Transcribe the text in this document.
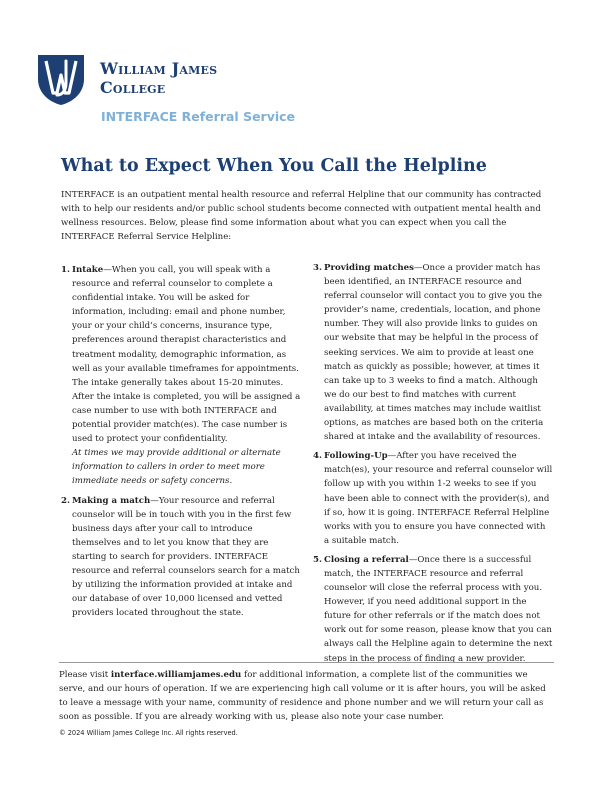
William James
College
INTERFACE Referral Service
What to Expect When You Call the Helpline

INTERFACE is an outpatient mental health resource and referral Helpline that our community has contracted with to help our residents and/or public school students become connected with outpatient mental health and wellness resources. Below, please find some information about what you can expect when you call the INTERFACE Referral Service Helpline:

1. Intake—When you call, you will speak with a resource and referral counselor to complete a confidential intake. You will be asked for information, including: email and phone number, your or your child’s concerns, insurance type, preferences around therapist characteristics and treatment modality, demographic information, as well as your available timeframes for appointments. The intake generally takes about 15-20 minutes. After the intake is completed, you will be assigned a case number to use with both INTERFACE and potential provider match(es). The case number is used to protect your confidentiality.
At times we may provide additional or alternate information to callers in order to meet more immediate needs or safety concerns.
2. Making a match—Your resource and referral counselor will be in touch with you in the first few business days after your call to introduce themselves and to let you know that they are starting to search for providers. INTERFACE resource and referral counselors search for a match by utilizing the information provided at intake and our database of over 10,000 licensed and vetted providers located throughout the state.
3. Providing matches—Once a provider match has been identified, an INTERFACE resource and referral counselor will contact you to give you the provider’s name, credentials, location, and phone number. They will also provide links to guides on our website that may be helpful in the process of seeking services. We aim to provide at least one match as quickly as possible; however, at times it can take up to 3 weeks to find a match. Although we do our best to find matches with current availability, at times matches may include waitlist options, as matches are based both on the criteria shared at intake and the availability of resources.
4. Following-Up—After you have received the match(es), your resource and referral counselor will follow up with you within 1-2 weeks to see if you have been able to connect with the provider(s), and if so, how it is going. INTERFACE Referral Helpline works with you to ensure you have connected with a suitable match.
5. Closing a referral—Once there is a successful match, the INTERFACE resource and referral counselor will close the referral process with you. However, if you need additional support in the future for other referrals or if the match does not work out for some reason, please know that you can always call the Helpline again to determine the next steps in the process of finding a new provider.

Please visit interface.williamjames.edu for additional information, a complete list of the communities we serve, and our hours of operation. If we are experiencing high call volume or it is after hours, you will be asked to leave a message with your name, community of residence and phone number and we will return your call as soon as possible. If you are already working with us, please also note your case number.

© 2024 William James College Inc. All rights reserved.
